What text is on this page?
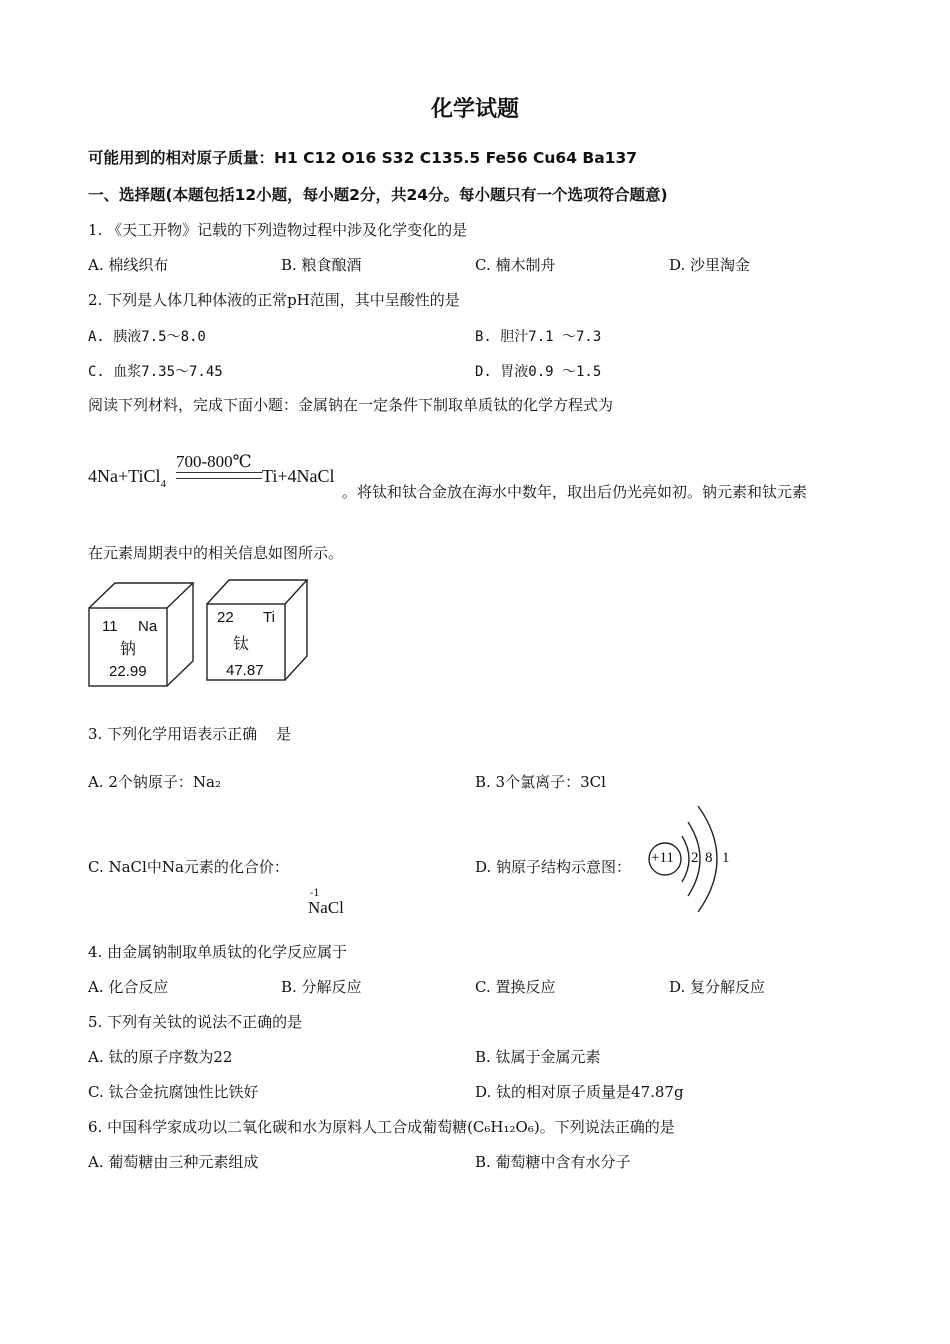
化学试题
可能用到的相对原子质量：H1 C12 O16 S32 C135.5 Fe56 Cu64 Ba137
一、选择题(本题包括12小题，每小题2分，共24分。每小题只有一个选项符合题意)
1. 《天工开物》记载的下列造物过程中涉及化学变化的是
A. 棉线织布	B. 粮食酿酒	C. 楠木制舟	D. 沙里淘金
2. 下列是人体几种体液的正常pH范围，其中呈酸性的是
A. 胰液7.5～8.0	B. 胆汁7.1 ～7.3
C. 血浆7.35～7.45	D. 胃液0.9 ～1.5
阅读下列材料，完成下面小题：金属钠在一定条件下制取单质钛的化学方程式为
4Na+TiCl$_4$
700-800℃
Ti+4NaCl
。将钛和钛合金放在海水中数年，取出后仍光亮如初。钠元素和钛元素
在元素周期表中的相关信息如图所示。
11 Na
钠
22.99
22 Ti
钛
47.87
3. 下列化学用语表示正确    是
A. 2个钠原子：Na₂	B. 3个氯离子：3Cl
C. NaCl中Na元素的化合价：
-1
NaCl
D. 钠原子结构示意图： +11 2 8 1
4. 由金属钠制取单质钛的化学反应属于
A. 化合反应	B. 分解反应	C. 置换反应	D. 复分解反应
5. 下列有关钛的说法不正确的是
A. 钛的原子序数为22	B. 钛属于金属元素
C. 钛合金抗腐蚀性比铁好	D. 钛的相对原子质量是47.87g
6. 中国科学家成功以二氧化碳和水为原料人工合成葡萄糖(C₆H₁₂O₆)。下列说法正确的是
A. 葡萄糖由三种元素组成	B. 葡萄糖中含有水分子
